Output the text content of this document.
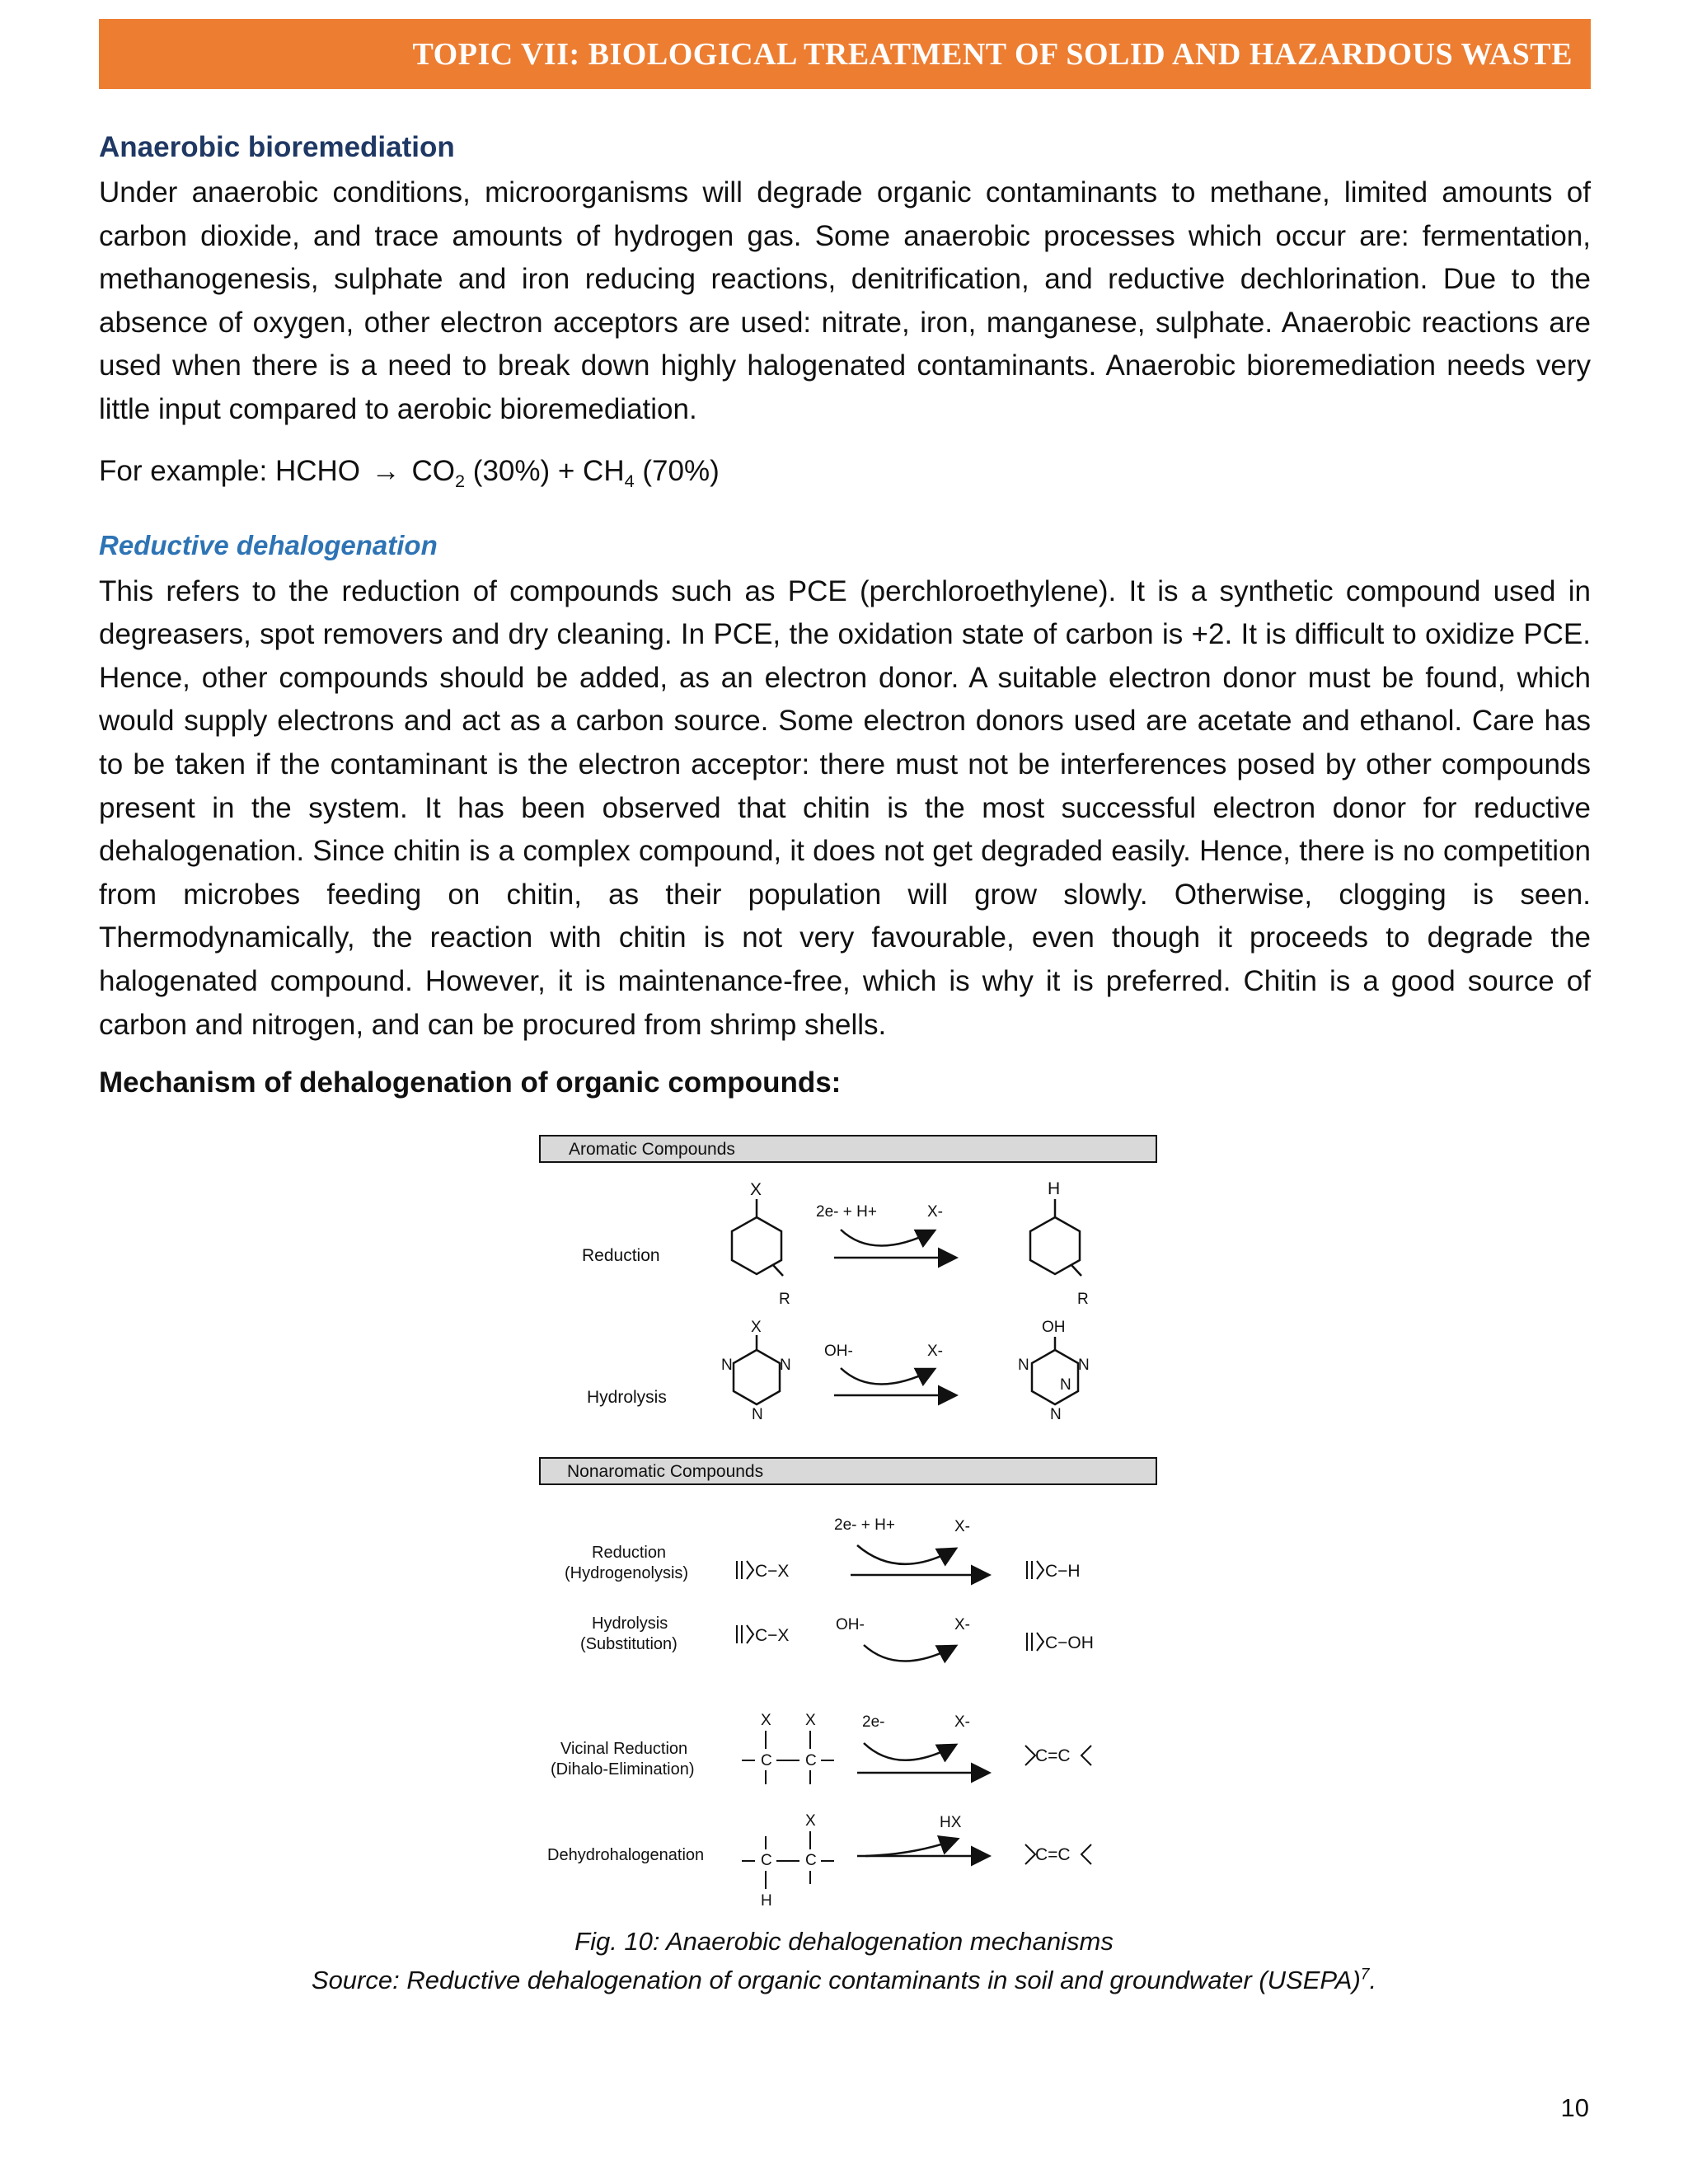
TOPIC VII: BIOLOGICAL TREATMENT OF SOLID AND HAZARDOUS WASTE
Anaerobic bioremediation

Under anaerobic conditions, microorganisms will degrade organic contaminants to methane, limited amounts of carbon dioxide, and trace amounts of hydrogen gas. Some anaerobic processes which occur are: fermentation, methanogenesis, sulphate and iron reducing reactions, denitrification, and reductive dechlorination. Due to the absence of oxygen, other electron acceptors are used: nitrate, iron, manganese, sulphate. Anaerobic reactions are used when there is a need to break down highly halogenated contaminants. Anaerobic bioremediation needs very little input compared to aerobic bioremediation.

For example: HCHO → $CO_2$ $(30\%) + CH_4$ (70%)

Reductive dehalogenation

This refers to the reduction of compounds such as PCE (perchloroethylene). It is a synthetic compound used in degreasers, spot removers and dry cleaning. In PCE, the oxidation state of carbon is +2. It is difficult to oxidize PCE. Hence, other compounds should be added, as an electron donor. A suitable electron donor must be found, which would supply electrons and act as a carbon source. Some electron donors used are acetate and ethanol. Care has to be taken if the contaminant is the electron acceptor: there must not be interferences posed by other compounds present in the system. It has been observed that chitin is the most successful electron donor for reductive dehalogenation. Since chitin is a complex compound, it does not get degraded easily. Hence, there is no competition from microbes feeding on chitin, as their population will grow slowly. Otherwise, clogging is seen. Thermodynamically, the reaction with chitin is not very favourable, even though it proceeds to degrade the halogenated compound. However, it is maintenance-free, which is why it is preferred. Chitin is a good source of carbon and nitrogen, and can be procured from shrimp shells.

Mechanism of dehalogenation of organic compounds:

Aromatic Compounds
Reduction
X
R
2e- + H+	X-
H
R
Hydrolysis
X
N	N
N
OH-	X-
OH
N	N
N
N
Nonaromatic Compounds
2e- + H+	X-
Reduction
(Hydrogenolysis)	C−X	C−H
OH-	X-
Hydrolysis
(Substitution)	C−X	C−OH
Vicinal Reduction
(Dihalo-Elimination)
X X
C C
2e-	X-
C=C
Dehydrohalogenation
X
C C
H
HX
C=C
Fig. 10: Anaerobic dehalogenation mechanisms
Source: Reductive dehalogenation of organic contaminants in soil and groundwater (USEPA)$^7$.
10
